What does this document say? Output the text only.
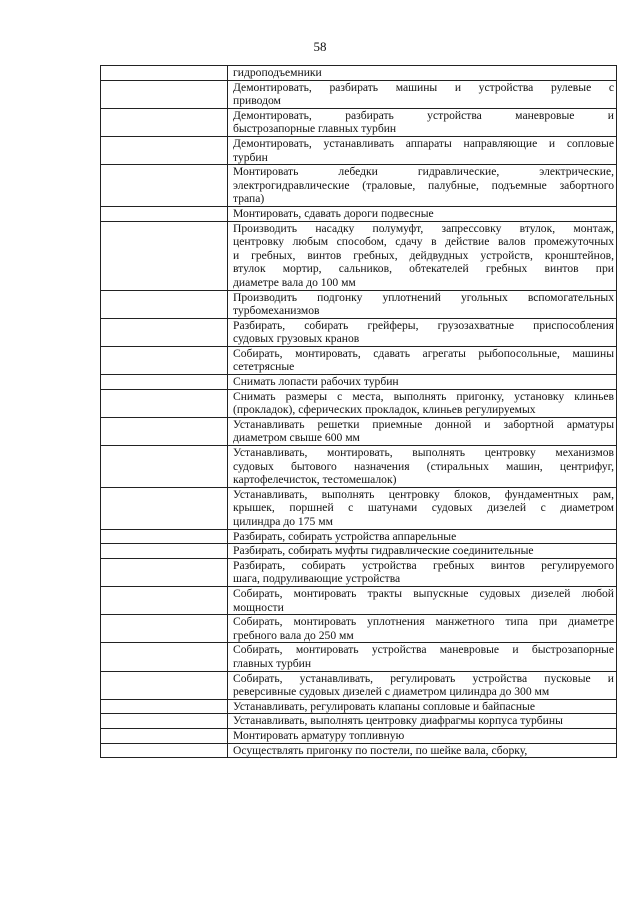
58

	гидроподъемники

	Демонтировать, разбирать машины и устройства рулевые с
приводом

	Демонтировать, разбирать устройства маневровые и
быстрозапорные главных турбин

	Демонтировать, устанавливать аппараты направляющие и сопловые
турбин

	Монтировать лебедки гидравлические, электрические,
электрогидравлические (траловые, палубные, подъемные забортного
трапа)

	Монтировать, сдавать дороги подвесные

	Производить насадку полумуфт, запрессовку втулок, монтаж,
центровку любым способом, сдачу в действие валов промежуточных
и гребных, винтов гребных, дейдвудных устройств, кронштейнов,
втулок мортир, сальников, обтекателей гребных винтов при
диаметре вала до 100 мм

	Производить подгонку уплотнений угольных вспомогательных
турбомеханизмов

	Разбирать, собирать грейферы, грузозахватные приспособления
судовых грузовых кранов

	Собирать, монтировать, сдавать агрегаты рыбопосольные, машины
сететрясные

	Снимать лопасти рабочих турбин

	Снимать размеры с места, выполнять пригонку, установку клиньев
(прокладок), сферических прокладок, клиньев регулируемых

	Устанавливать решетки приемные донной и забортной арматуры
диаметром свыше 600 мм

	Устанавливать, монтировать, выполнять центровку механизмов
судовых бытового назначения (стиральных машин, центрифуг,
картофелечисток, тестомешалок)

	Устанавливать, выполнять центровку блоков, фундаментных рам,
крышек, поршней с шатунами судовых дизелей с диаметром
цилиндра до 175 мм

	Разбирать, собирать устройства аппарельные

	Разбирать, собирать муфты гидравлические соединительные

	Разбирать, собирать устройства гребных винтов регулируемого
шага, подруливающие устройства

	Собирать, монтировать тракты выпускные судовых дизелей любой
мощности

	Собирать, монтировать уплотнения манжетного типа при диаметре
гребного вала до 250 мм

	Собирать, монтировать устройства маневровые и быстрозапорные
главных турбин

	Собирать, устанавливать, регулировать устройства пусковые и
реверсивные судовых дизелей с диаметром цилиндра до 300 мм

	Устанавливать, регулировать клапаны сопловые и байпасные

	Устанавливать, выполнять центровку диафрагмы корпуса турбины

	Монтировать арматуру топливную

	Осуществлять пригонку по постели, по шейке вала, сборку,
